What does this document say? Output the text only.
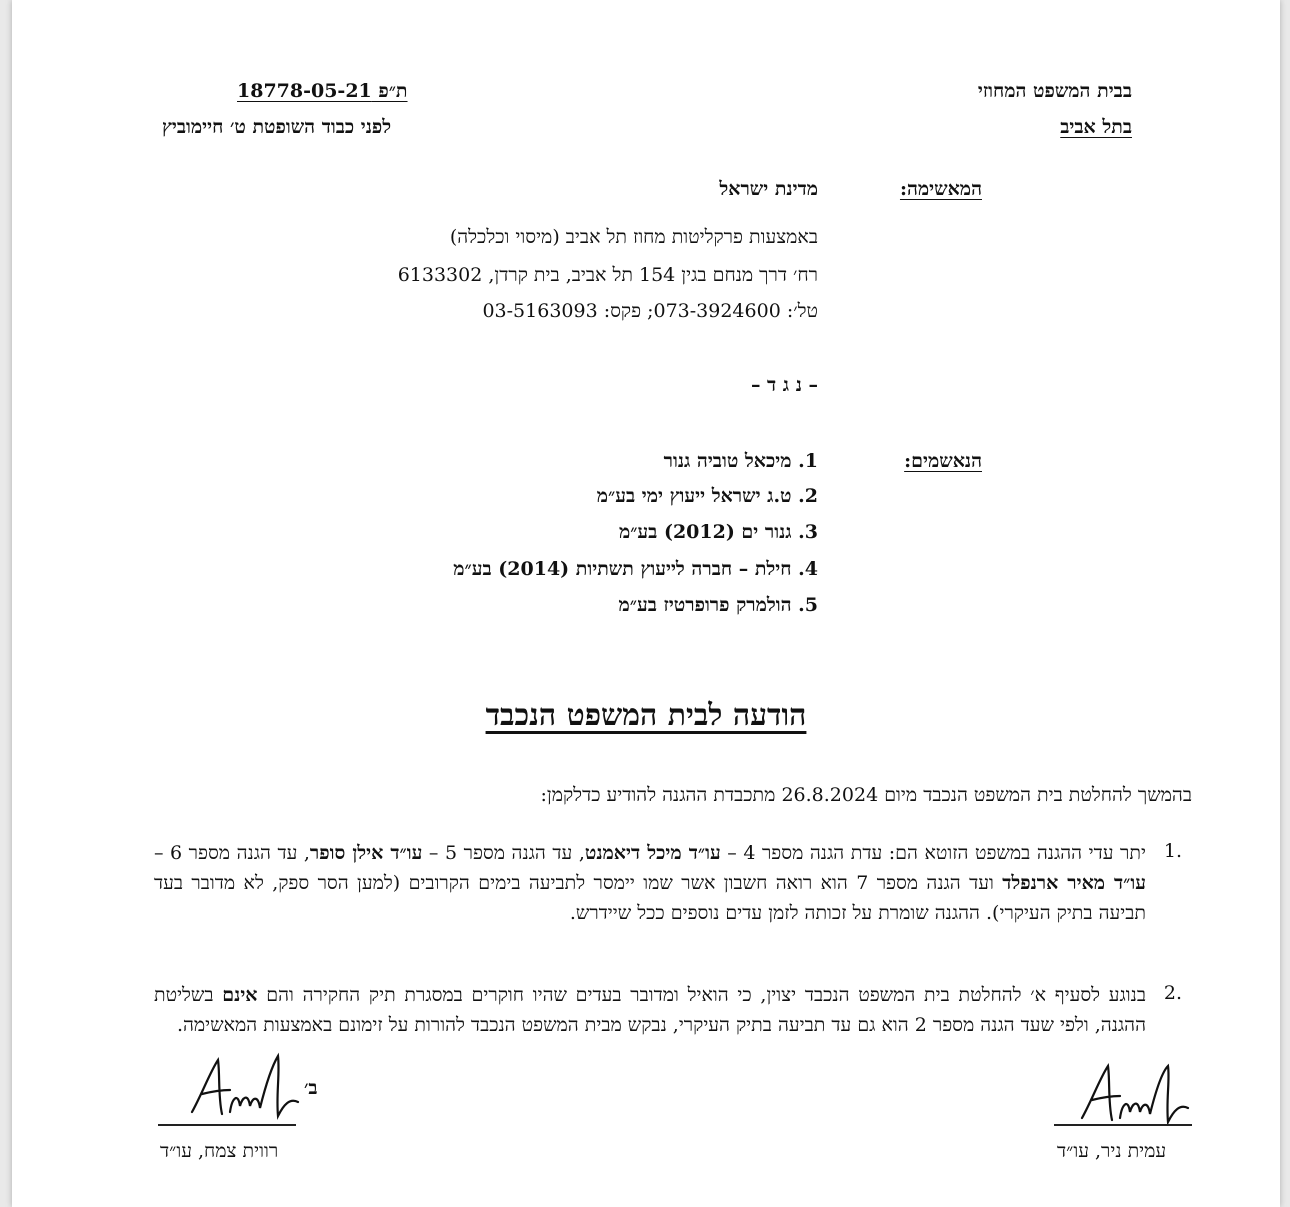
בבית המשפט המחוזי
בתל אביב
ת״פ 18778-05-21
לפני כבוד השופטת ט׳ חיימוביץ
המאשימה:
מדינת ישראל
באמצעות פרקליטות מחוז תל אביב (מיסוי וכלכלה)
רח׳ דרך מנחם בגין 154 תל אביב, בית קרדן, 6133302
טל׳: 073-3924600; פקס: 03-5163093
– נ ג ד –
הנאשמים:
1. מיכאל טוביה גנור
2. ט.ג ישראל ייעוץ ימי בע״מ
3. גנור ים (2012) בע״מ
4. חילת – חברה לייעוץ תשתיות (2014) בע״מ
5. הולמרק פרופרטיז בע״מ
הודעה לבית המשפט הנכבד
בהמשך להחלטת בית המשפט הנכבד מיום 26.8.2024 מתכבדת ההגנה להודיע כדלקמן:
1.
יתר עדי ההגנה במשפט הזוטא הם: עדת הגנה מספר 4 – עו״ד מיכל דיאמנט, עד הגנה מספר 5 – עו״ד אילן סופר, עד הגנה מספר 6 – עו״ד מאיר ארנפלד ועד הגנה מספר 7 הוא רואה חשבון אשר שמו יימסר לתביעה בימים הקרובים (למען הסר ספק, לא מדובר בעד תביעה בתיק העיקרי). ההגנה שומרת על זכותה לזמן עדים נוספים ככל שיידרש.
2.
בנוגע לסעיף א׳ להחלטת בית המשפט הנכבד יצוין, כי הואיל ומדובר בעדים שהיו חוקרים במסגרת תיק החקירה והם אינם בשליטת ההגנה, ולפי שעד הגנה מספר 2 הוא גם עד תביעה בתיק העיקרי, נבקש מבית המשפט הנכבד להורות על זימונם באמצעות המאשימה.
עמית ניר, עו״ד
ב׳
רווית צמח, עו״ד
